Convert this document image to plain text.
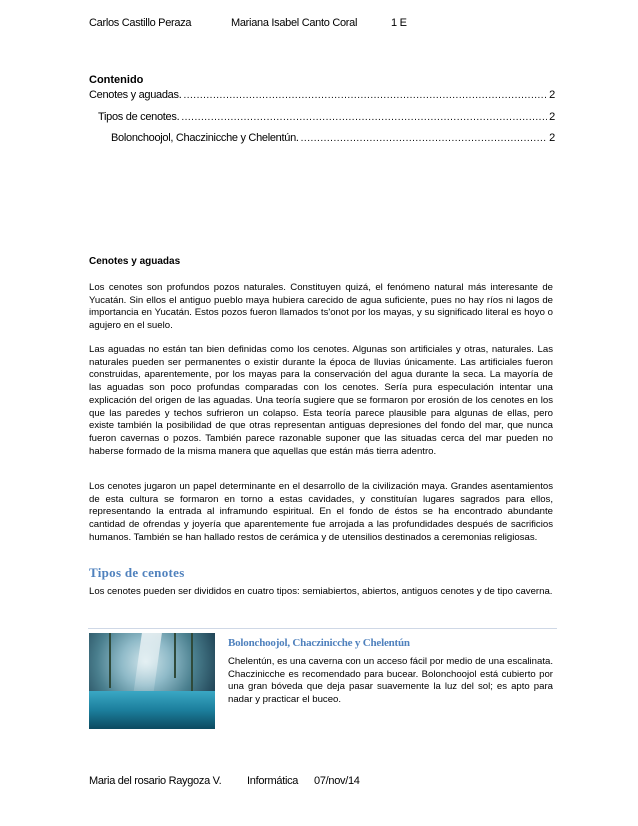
Carlos Castillo Peraza	Mariana Isabel Canto Coral	1 E
Contenido
Cenotes y aguadas. .....	2
Tipos de cenotes. .....	2
Bolonchoojol, Chaczinicche y Chelentún. .....	2
Cenotes y aguadas

Los cenotes son profundos pozos naturales. Constituyen quizá, el fenómeno natural más interesante de Yucatán. Sin ellos el antiguo pueblo maya hubiera carecido de agua suficiente, pues no hay ríos ni lagos de importancia en Yucatán. Estos pozos fueron llamados ts'onot por los mayas, y su significado literal es hoyo o agujero en el suelo.

Las aguadas no están tan bien definidas como los cenotes. Algunas son artificiales y otras, naturales. Las naturales pueden ser permanentes o existir durante la época de lluvias únicamente. Las artificiales fueron construidas, aparentemente, por los mayas para la conservación del agua durante la seca. La mayoría de las aguadas son poco profundas comparadas con los cenotes. Sería pura especulación intentar una explicación del origen de las aguadas. Una teoría sugiere que se formaron por erosión de los cenotes en los que las paredes y techos sufrieron un colapso. Esta teoría parece plausible para algunas de ellas, pero existe también la posibilidad de que otras representan antiguas depresiones del fondo del mar, que nunca fueron cavernas o pozos. También parece razonable suponer que las situadas cerca del mar pueden no haberse formado de la misma manera que aquellas que están más tierra adentro.

Los cenotes jugaron un papel determinante en el desarrollo de la civilización maya. Grandes asentamientos de esta cultura se formaron en torno a estas cavidades, y constituían lugares sagrados para ellos, representando la entrada al inframundo espiritual. En el fondo de éstos se ha encontrado abundante cantidad de ofrendas y joyería que aparentemente fue arrojada a las profundidades después de sacrificios humanos. También se han hallado restos de cerámica y de utensilios destinados a ceremonias religiosas.

Tipos de cenotes

Los cenotes pueden ser divididos en cuatro tipos: semiabiertos, abiertos, antiguos cenotes y de tipo caverna.

Bolonchoojol, Chaczinicche y Chelentún

Chelentún, es una caverna con un acceso fácil por medio de una escalinata. Chaczinicche es recomendado para bucear. Bolonchoojol está cubierto por una gran bóveda que deja pasar suavemente la luz del sol; es apto para nadar y practicar el buceo.

Maria del rosario Raygoza V. Informática 07/nov/14
